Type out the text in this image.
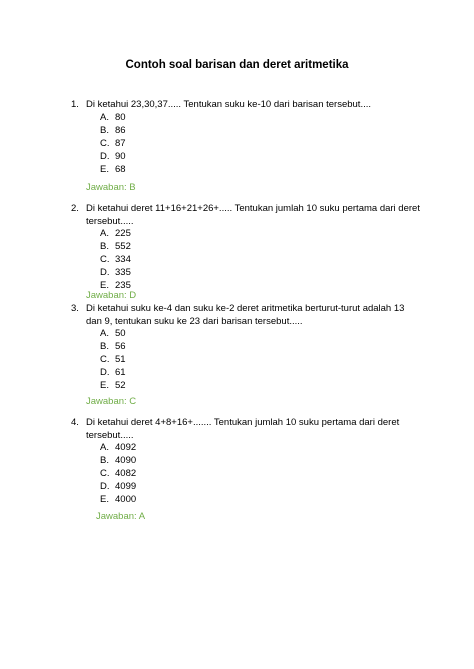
Contoh soal barisan dan deret aritmetika
1. Di ketahui 23,30,37..... Tentukan suku ke-10 dari barisan tersebut....
A. 80
B. 86
C. 87
D. 90
E. 68
Jawaban: B
2. Di ketahui deret 11+16+21+26+..... Tentukan jumlah 10 suku pertama dari deret tersebut.....
A. 225
B. 552
C. 334
D. 335
E. 235
Jawaban: D
3. Di ketahui suku ke-4 dan suku ke-2 deret aritmetika berturut-turut adalah 13 dan 9, tentukan suku ke 23 dari barisan tersebut.....
A. 50
B. 56
C. 51
D. 61
E. 52
Jawaban: C
4. Di ketahui deret 4+8+16+....... Tentukan jumlah 10 suku pertama dari deret tersebut.....
A. 4092
B. 4090
C. 4082
D. 4099
E. 4000
Jawaban: A
